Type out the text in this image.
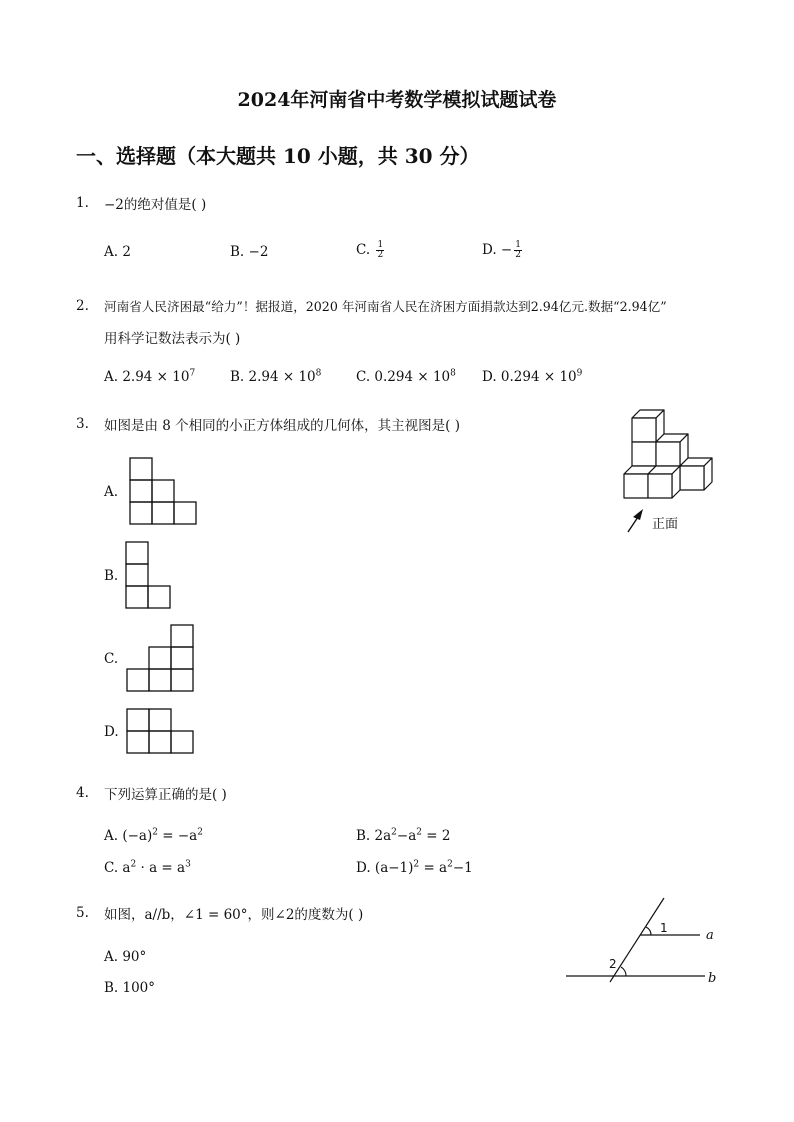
2024年河南省中考数学模拟试题试卷
一、选择题（本大题共 10 小题，共 30 分）
1. −2的绝对值是( )
A. 2	B. −2	C. $\frac{1}{2}$	D. − $\frac{1}{2}$
2. 河南省人民济困最“给力”！据报道，2020 年河南省人民在济困方面捐款达到2.94亿元.数据“2.94亿”
用科学记数法表示为( )
A. $2.94 \times 10^7$	B. $2.94 \times 10^8$	C. $0.294 \times 10^8$ D. $0.294 \times 10^9$
3. 如图是由 8 个相同的小正方体组成的几何体，其主视图是( )
A.
B.
C.
D.
正面
4. 下列运算正确的是( )
A. $(-a)^2 = -a^2$	B. $2a^2-a^2 = 2$
C. $a^2 \cdot a = a^3$	D. $(a-1)^2 = a^2-1$
5. 如图，a//b，∠1 = 60°，则∠2的度数为( )
A. 90°
B. 100°
1
2
a
b
